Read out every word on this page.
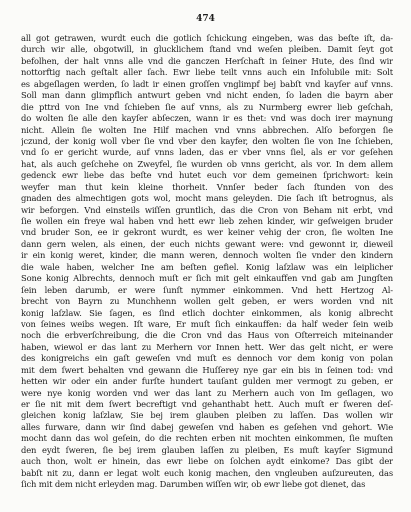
474
all got getrawen, wurdt euch die gotlich ſchickung eingeben, was das beſte iſt, da-
durch wir alle, obgotwill, in glucklichem ſtand vnd weſen pleiben. Damit ſeyt got
befolhen, der halt vnns alle vnd die ganczen Herſchaft in ſeiner Hute, des ſind wir
nottorftig nach geſtalt aller ſach. Ewr liebe teilt vnns auch ein Infolubile mit: Solt
es abgeſlagen werden, ſo ladt ir einen groſſen vnglimpf bej babſt vnd kayſer auf vnns.
Soll man dann glimpflich antwurt geben vnd nicht enden, ſo laden die bayrn aber
die pttrd von Ine vnd ſchieben ſie auf vnns, als zu Nurmberg ewrer lieb geſchah,
do wolten ſie alle den kayſer abſeczen, wann ir es thet: vnd was doch irer maynung
nicht. Allein ſie wolten Ine Hilf machen vnd vnns abbrechen. Alſo beforgen ſie
jczund, der konig woll vber ſie vnd vber den kayfer, den wolten ſie von Ine ſchieben,
vnd ſo er gericht wurde, auf vnns laden, das er vber vnns ſiel, als er vor geſehen
hat, als auch geſchehe on Zweyfel, ſie wurden ob vnns gericht, als vor. In dem allem
gedenck ewr liebe das beſte vnd hutet euch vor dem gemeinen ſprichwort: kein
weyfer man thut kein kleine thorheit. Vnnſer beder ſach ſtunden von des
gnaden des almechtigen gots wol, mocht mans geleyden. Die ſach iſt betrognus, als
wir beforgen. Vnd einsteils wiſſen gruntlich, das die Cron von Beham nit erbt, vnd
ſie wollen ein freye wal haben vnd hett ewr lieb zehen kinder, wir geſweigen bruder
vnd bruder Son, ee ir gekront wurdt, es wer keiner vehig der cron, ſie wolten Ine
dann gern welen, als einen, der euch nichts gewant were: vnd gewonnt ir, dieweil
ir ein konig weret, kinder, die mann weren, dennoch wolten ſie vnder den kindern
die wale haben, welcher Ine am beſten gefiel. Konig laſzlaw was ein leiplicher
Sone konig Albrechts, dennoch muſt er ſich mit gelt einkauffen vnd gab am Jungſten
ſein leben darumb, er were ſunſt nymmer einkommen. Vnd hett Hertzog Al-
brecht von Bayrn zu Munchhenn wollen gelt geben, er wers worden vnd nit
konig laſzlaw. Sie ſagen, es ſind etlich dochter einkommen, als konig albrecht
von ſeines weibs wegen. Iſt ware, Er muſt ſich einkauffen: da half weder ſein weib
noch die erbverſchreibung, die die Cron vnd das Haus von Oſterreich miteinander
haben, wiewol er das lant zu Merhern vor Innen hett. Wer das gelt nicht, er were
des konigreichs ein gaſt geweſen vnd muſt es dennoch vor dem konig von polan
mit dem ſwert behalten vnd gewann die Huſſerey nye gar ein bis in ſeinen tod: vnd
hetten wir oder ein ander furſte hundert tauſant gulden mer vermogt zu geben, er
were nye konig worden vnd wer das lant zu Merhern auch von Im geſlagen, wo
er ſie nit mit dem ſwert becreftigt vnd gehanthabt hett. Auch muſt er ſweren deſ-
gleichen konig laſzlaw, Sie bej irem glauben pleiben zu laſſen. Das wollen wir
alles furware, dann wir ſind dabej geweſen vnd haben es geſehen vnd gehort. Wie
mocht dann das wol geſein, do die rechten erben nit mochten einkommen, ſie muſten
den eydt ſweren, ſie bej irem glauben laſſen zu pleiben, Es muſt kayſer Sigmund
auch thon, wolt er hinein, das ewr liebe on ſolchen aydt einkome? Das gibt der
babſt nit zu, dann er legat wolt euch konig machen, den vngleuben auſzureuten, das
ſich mit dem nicht erleyden mag. Darumben wiſſen wir, ob ewr liebe got dienet, das
